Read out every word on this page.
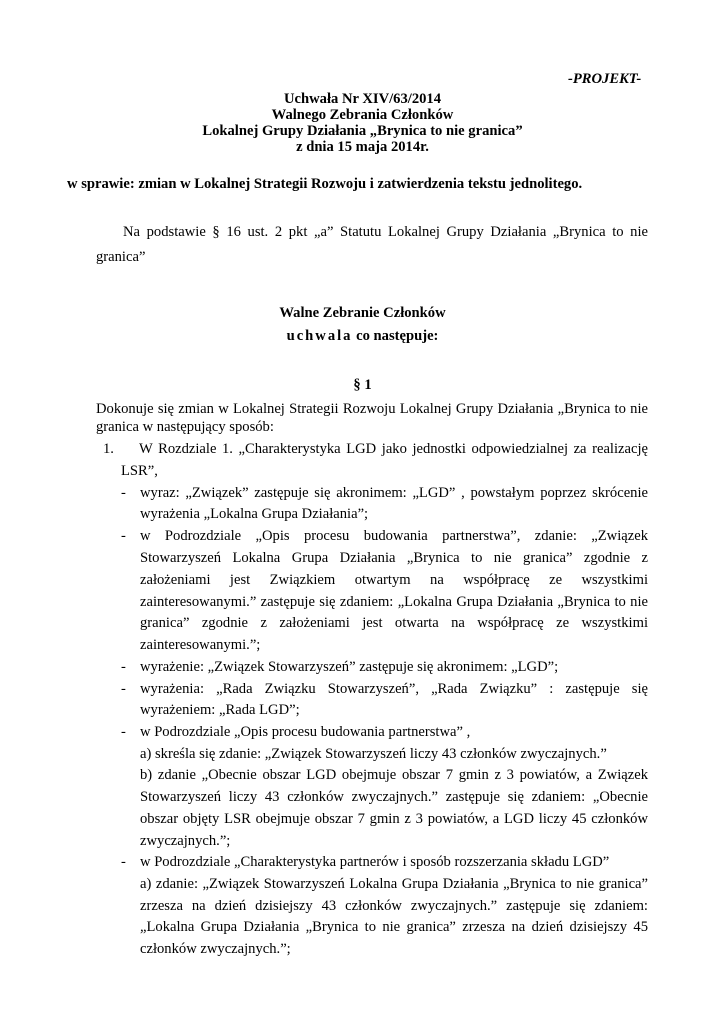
-PROJEKT-
Uchwała Nr XIV/63/2014
Walnego Zebrania Członków
Lokalnej Grupy Działania „Brynica to nie granica”
z dnia 15 maja 2014r.
w sprawie: zmian w Lokalnej Strategii Rozwoju i zatwierdzenia tekstu jednolitego.
Na podstawie § 16 ust. 2 pkt „a” Statutu Lokalnej Grupy Działania „Brynica to nie
granica”
Walne Zebranie Członków
uchwala co następuje:
§ 1
Dokonuje się zmian w Lokalnej Strategii Rozwoju Lokalnej Grupy Działania „Brynica to nie
granica w następujący sposób:
1. W Rozdziale 1. „Charakterystyka LGD jako jednostki odpowiedzialnej za realizację
LSR”,
- wyraz: „Związek” zastępuje się akronimem: „LGD” , powstałym poprzez skrócenie
wyrażenia „Lokalna Grupa Działania”;
- w Podrozdziale „Opis procesu budowania partnerstwa”, zdanie: „Związek
Stowarzyszeń Lokalna Grupa Działania „Brynica to nie granica” zgodnie z
założeniami jest Związkiem otwartym na współpracę ze wszystkimi
zainteresowanymi.” zastępuje się zdaniem: „Lokalna Grupa Działania „Brynica to nie
granica” zgodnie z założeniami jest otwarta na współpracę ze wszystkimi
zainteresowanymi.”;
- wyrażenie: „Związek Stowarzyszeń” zastępuje się akronimem: „LGD”;
- wyrażenia: „Rada Związku Stowarzyszeń”, „Rada Związku” : zastępuje się
wyrażeniem: „Rada LGD”;
- w Podrozdziale „Opis procesu budowania partnerstwa” ,
a) skreśla się zdanie: „Związek Stowarzyszeń liczy 43 członków zwyczajnych.”
b) zdanie „Obecnie obszar LGD obejmuje obszar 7 gmin z 3 powiatów, a Związek
Stowarzyszeń liczy 43 członków zwyczajnych.” zastępuje się zdaniem: „Obecnie
obszar objęty LSR obejmuje obszar 7 gmin z 3 powiatów, a LGD liczy 45 członków
zwyczajnych.”;
- w Podrozdziale „Charakterystyka partnerów i sposób rozszerzania składu LGD”
a) zdanie: „Związek Stowarzyszeń Lokalna Grupa Działania „Brynica to nie granica”
zrzesza na dzień dzisiejszy 43 członków zwyczajnych.” zastępuje się zdaniem:
„Lokalna Grupa Działania „Brynica to nie granica” zrzesza na dzień dzisiejszy 45
członków zwyczajnych.”;
